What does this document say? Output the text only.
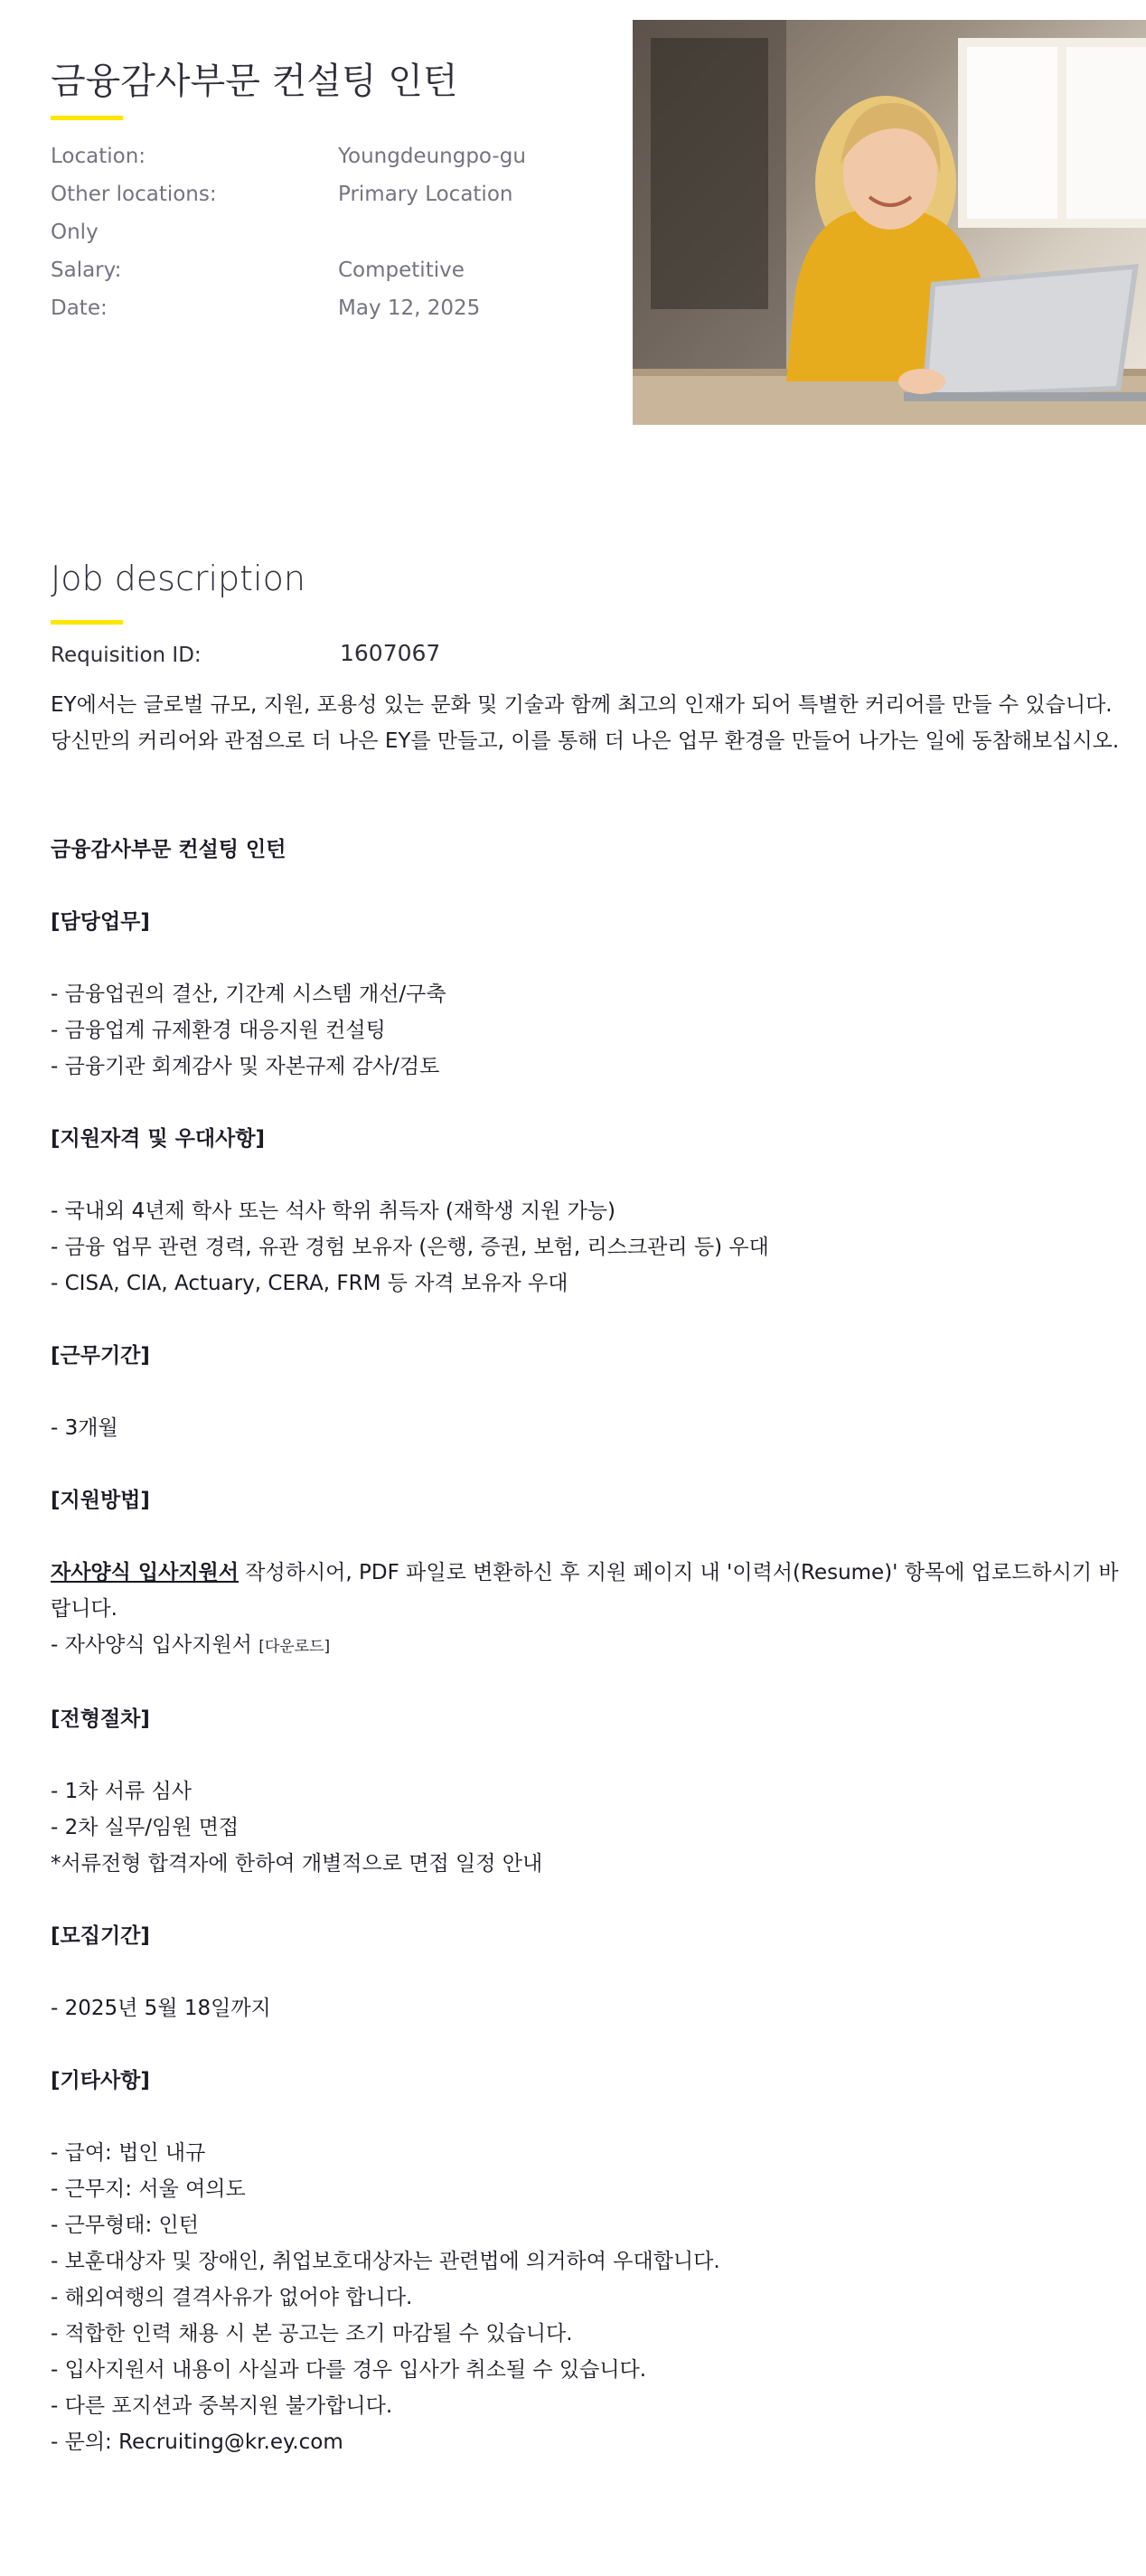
금융감사부문 컨설팅 인턴
Location:	Youngdeungpo-gu
Other locations:	Primary Location
Only
Salary:	Competitive
Date:	May 12, 2025
Job description
Requisition ID:	1607067

EY에서는 글로벌 규모, 지원, 포용성 있는 문화 및 기술과 함께 최고의 인재가 되어 특별한 커리어를 만들 수 있습니다.

당신만의 커리어와 관점으로 더 나은 EY를 만들고, 이를 통해 더 나은 업무 환경을 만들어 나가는 일에 동참해보십시오.

금융감사부문 컨설팅 인턴

[담당업무]

- 금융업권의 결산, 기간계 시스템 개선/구축

- 금융업계 규제환경 대응지원 컨설팅

- 금융기관 회계감사 및 자본규제 감사/검토

[지원자격 및 우대사항]

- 국내외 4년제 학사 또는 석사 학위 취득자 (재학생 지원 가능)

- 금융 업무 관련 경력, 유관 경험 보유자 (은행, 증권, 보험, 리스크관리 등) 우대

- CISA, CIA, Actuary, CERA, FRM 등 자격 보유자 우대

[근무기간]

- 3개월

[지원방법]

자사양식 입사지원서 작성하시어, PDF 파일로 변환하신 후 지원 페이지 내 '이력서(Resume)' 항목에 업로드하시기 바랍니다.

- 자사양식 입사지원서 [다운로드]

[전형절차]

- 1차 서류 심사

- 2차 실무/임원 면접

*서류전형 합격자에 한하여 개별적으로 면접 일정 안내

[모집기간]

- 2025년 5월 18일까지

[기타사항]

- 급여: 법인 내규

- 근무지: 서울 여의도

- 근무형태: 인턴

- 보훈대상자 및 장애인, 취업보호대상자는 관련법에 의거하여 우대합니다.

- 해외여행의 결격사유가 없어야 합니다.

- 적합한 인력 채용 시 본 공고는 조기 마감될 수 있습니다.

- 입사지원서 내용이 사실과 다를 경우 입사가 취소될 수 있습니다.

- 다른 포지션과 중복지원 불가합니다.

- 문의: Recruiting@kr.ey.com
